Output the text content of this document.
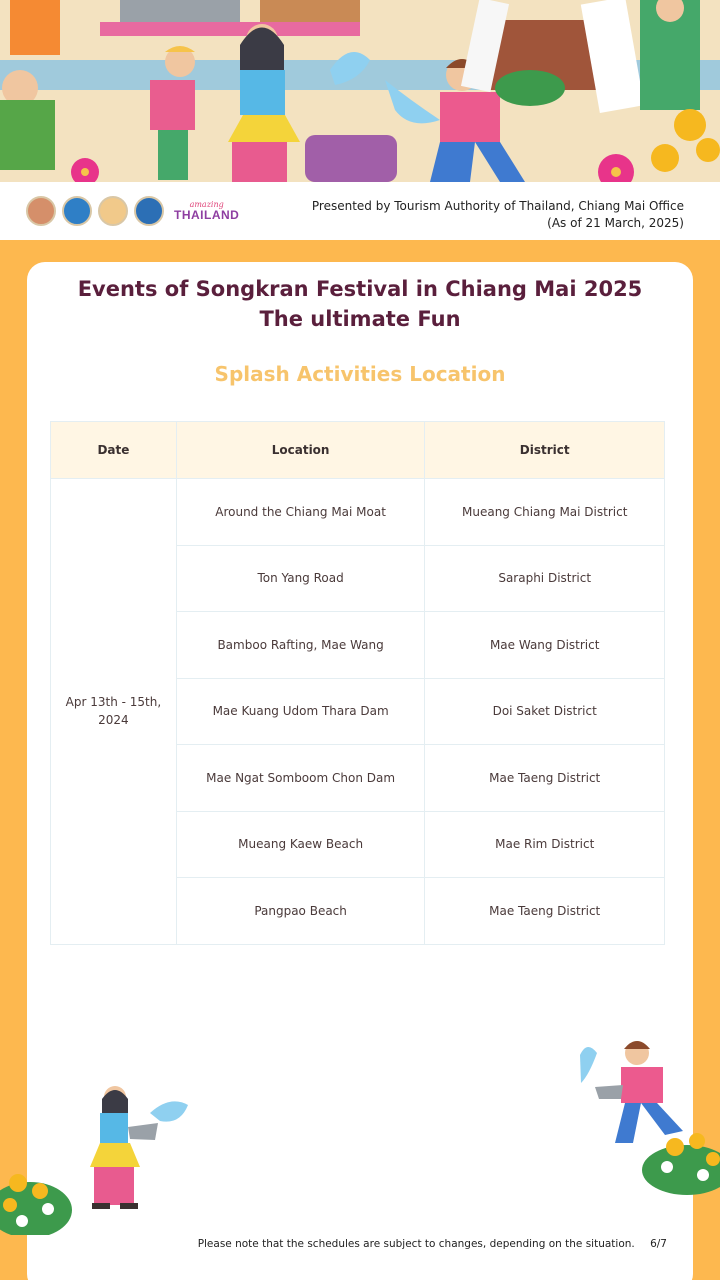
amazing
THAILAND
Presented by Tourism Authority of Thailand, Chiang Mai Office
(As of 21 March, 2025)
Events of Songkran Festival in Chiang Mai 2025
The ultimate Fun
Splash Activities Location
Date	Location	District
Apr 13th - 15th, 2024	Around the Chiang Mai Moat	Mueang Chiang Mai District
	Ton Yang Road	Saraphi District
	Bamboo Rafting, Mae Wang	Mae Wang District
	Mae Kuang Udom Thara Dam	Doi Saket District
	Mae Ngat Somboom Chon Dam	Mae Taeng District
	Mueang Kaew Beach	Mae Rim District
	Pangpao Beach	Mae Taeng District
Please note that the schedules are subject to changes, depending on the situation. 6/7
